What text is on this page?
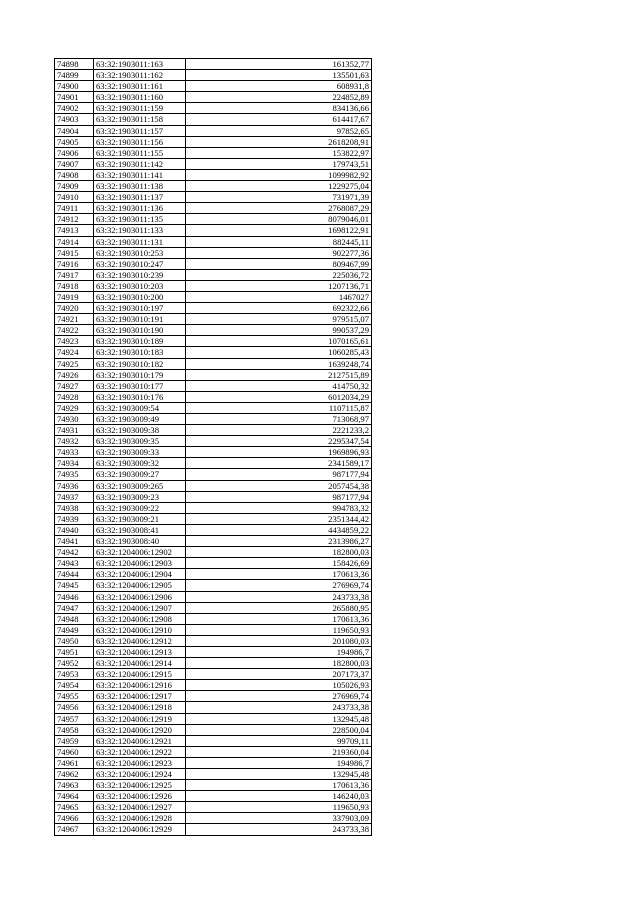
74898	63:32:1903011:163	161352,77
74899	63:32:1903011:162	135501,63
74900	63:32:1903011:161	608931,8
74901	63:32:1903011:160	224852,89
74902	63:32:1903011:159	834136,66
74903	63:32:1903011:158	614417,67
74904	63:32:1903011:157	97852,65
74905	63:32:1903011:156	2618208,91
74906	63:32:1903011:155	153822,97
74907	63:32:1903011:142	179743,51
74908	63:32:1903011:141	1099982,92
74909	63:32:1903011:138	1229275,04
74910	63:32:1903011:137	731971,39
74911	63:32:1903011:136	2768087,29
74912	63:32:1903011:135	8079046,01
74913	63:32:1903011:133	1698122,91
74914	63:32:1903011:131	882445,11
74915	63:32:1903010:253	902277,36
74916	63:32:1903010:247	809467,99
74917	63:32:1903010:239	225036,72
74918	63:32:1903010:203	1207136,71
74919	63:32:1903010:200	1467027
74920	63:32:1903010:197	692322,66
74921	63:32:1903010:191	979515,07
74922	63:32:1903010:190	990537,29
74923	63:32:1903010:189	1070165,61
74924	63:32:1903010:183	1060285,43
74925	63:32:1903010:182	1639248,74
74926	63:32:1903010:179	2127515,89
74927	63:32:1903010:177	414750,32
74928	63:32:1903010:176	6012034,29
74929	63:32:1903009:54	1107115,87
74930	63:32:1903009:49	713068,97
74931	63:32:1903009:38	2221233,2
74932	63:32:1903009:35	2295347,54
74933	63:32:1903009:33	1969896,93
74934	63:32:1903009:32	2341589,17
74935	63:32:1903009:27	987177,94
74936	63:32:1903009:265	2057454,38
74937	63:32:1903009:23	987177,94
74938	63:32:1903009:22	994783,32
74939	63:32:1903009:21	2351344,42
74940	63:32:1903008:41	4434859,22
74941	63:32:1903008:40	2313986,27
74942	63:32:1204006:12902	182800,03
74943	63:32:1204006:12903	158426,69
74944	63:32:1204006:12904	170613,36
74945	63:32:1204006:12905	276969,74
74946	63:32:1204006:12906	243733,38
74947	63:32:1204006:12907	265880,95
74948	63:32:1204006:12908	170613,36
74949	63:32:1204006:12910	119650,93
74950	63:32:1204006:12912	201080,03
74951	63:32:1204006:12913	194986,7
74952	63:32:1204006:12914	182800,03
74953	63:32:1204006:12915	207173,37
74954	63:32:1204006:12916	105026,93
74955	63:32:1204006:12917	276969,74
74956	63:32:1204006:12918	243733,38
74957	63:32:1204006:12919	132945,48
74958	63:32:1204006:12920	228500,04
74959	63:32:1204006:12921	99709,11
74960	63:32:1204006:12922	219360,04
74961	63:32:1204006:12923	194986,7
74962	63:32:1204006:12924	132945,48
74963	63:32:1204006:12925	170613,36
74964	63:32:1204006:12926	146240,03
74965	63:32:1204006:12927	119650,93
74966	63:32:1204006:12928	337903,09
74967	63:32:1204006:12929	243733,38
